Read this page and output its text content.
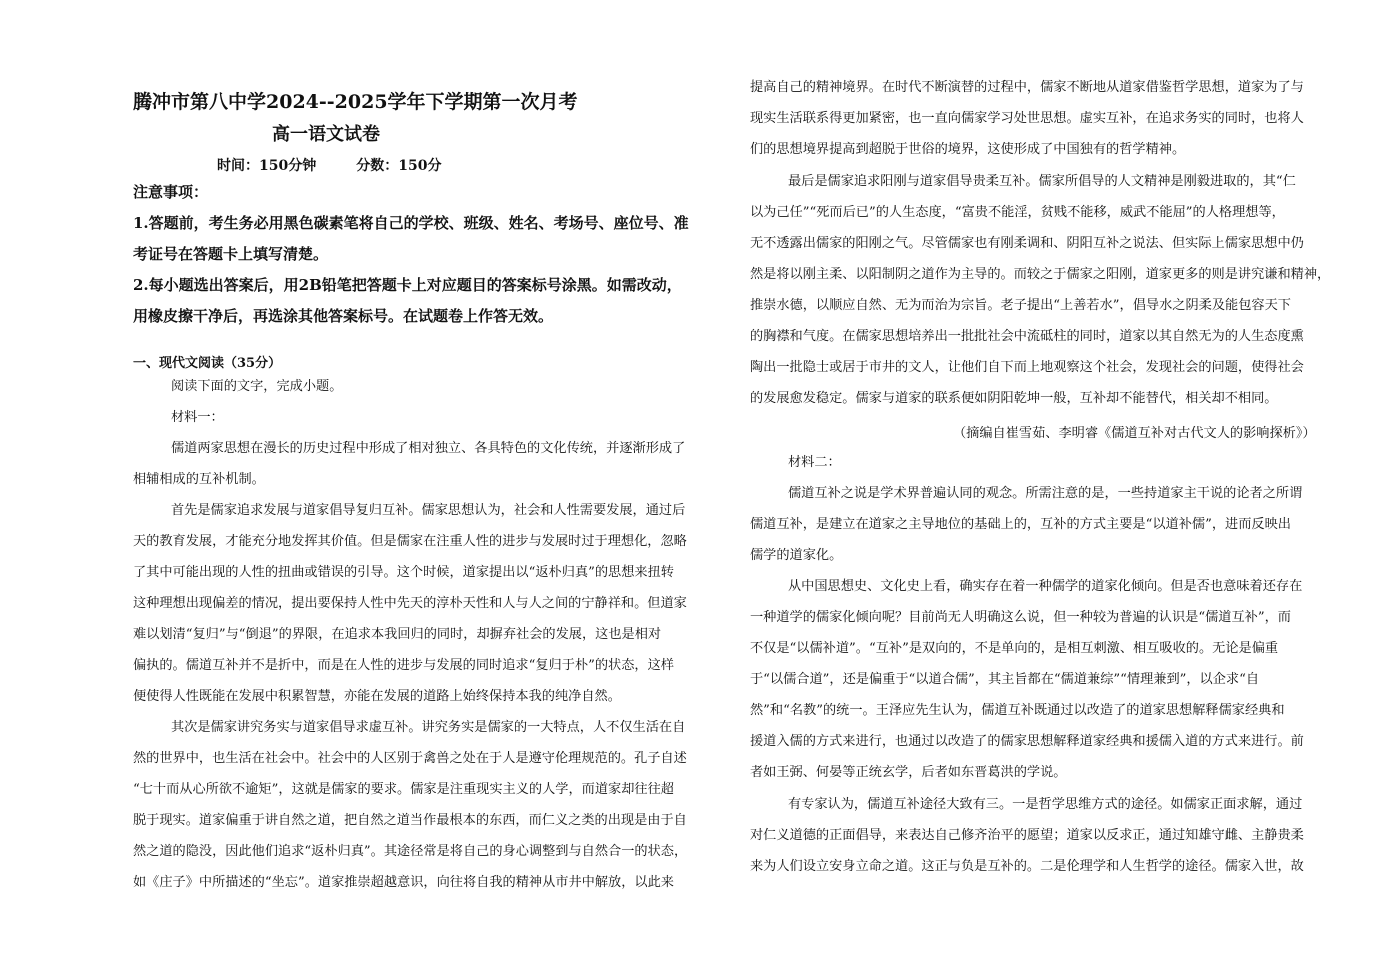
腾冲市第八中学2024--2025学年下学期第一次月考
高一语文试卷
时间：150分钟	分数：150分
注意事项：
1.答题前，考生务必用黑色碳素笔将自己的学校、班级、姓名、考场号、座位号、准
考证号在答题卡上填写清楚。
2.每小题选出答案后，用2B铅笔把答题卡上对应题目的答案标号涂黑。如需改动，
用橡皮擦干净后，再选涂其他答案标号。在试题卷上作答无效。
一、现代文阅读（35分）
阅读下面的文字，完成小题。
材料一：
儒道两家思想在漫长的历史过程中形成了相对独立、各具特色的文化传统，并逐渐形成了
相辅相成的互补机制。
首先是儒家追求发展与道家倡导复归互补。儒家思想认为，社会和人性需要发展，通过后
天的教育发展，才能充分地发挥其价值。但是儒家在注重人性的进步与发展时过于理想化，忽略
了其中可能出现的人性的扭曲或错误的引导。这个时候，道家提出以“返朴归真”的思想来扭转
这种理想出现偏差的情况，提出要保持人性中先天的淳朴天性和人与人之间的宁静祥和。但道家
难以划清“复归”与“倒退”的界限，在追求本我回归的同时，却摒弃社会的发展，这也是相对
偏执的。儒道互补并不是折中，而是在人性的进步与发展的同时追求“复归于朴”的状态，这样
便使得人性既能在发展中积累智慧，亦能在发展的道路上始终保持本我的纯净自然。
其次是儒家讲究务实与道家倡导求虚互补。讲究务实是儒家的一大特点，人不仅生活在自
然的世界中，也生活在社会中。社会中的人区别于禽兽之处在于人是遵守伦理规范的。孔子自述
“七十而从心所欲不逾矩”，这就是儒家的要求。儒家是注重现实主义的人学，而道家却往往超
脱于现实。道家偏重于讲自然之道，把自然之道当作最根本的东西，而仁义之类的出现是由于自
然之道的隐没，因此他们追求“返朴归真”。其途径常是将自己的身心调整到与自然合一的状态，
如《庄子》中所描述的“坐忘”。道家推崇超越意识，向往将自我的精神从市井中解放，以此来
提高自己的精神境界。在时代不断演替的过程中，儒家不断地从道家借鉴哲学思想，道家为了与
现实生活联系得更加紧密，也一直向儒家学习处世思想。虚实互补，在追求务实的同时，也将人
们的思想境界提高到超脱于世俗的境界，这使形成了中国独有的哲学精神。
最后是儒家追求阳刚与道家倡导贵柔互补。儒家所倡导的人文精神是刚毅进取的，其“仁
以为己任”“死而后已”的人生态度，“富贵不能淫，贫贱不能移，威武不能屈”的人格理想等，
无不透露出儒家的阳刚之气。尽管儒家也有刚柔调和、阴阳互补之说法、但实际上儒家思想中仍
然是将以刚主柔、以阳制阴之道作为主导的。而较之于儒家之阳刚，道家更多的则是讲究谦和精神，
推崇水德，以顺应自然、无为而治为宗旨。老子提出“上善若水”，倡导水之阴柔及能包容天下
的胸襟和气度。在儒家思想培养出一批批社会中流砥柱的同时，道家以其自然无为的人生态度熏
陶出一批隐士或居于市井的文人，让他们自下而上地观察这个社会，发现社会的问题，使得社会
的发展愈发稳定。儒家与道家的联系便如阴阳乾坤一般，互补却不能替代，相关却不相同。
（摘编自崔雪茹、李明睿《儒道互补对古代文人的影响探析》）
材料二：
儒道互补之说是学术界普遍认同的观念。所需注意的是，一些持道家主干说的论者之所谓
儒道互补，是建立在道家之主导地位的基础上的，互补的方式主要是“以道补儒”，进而反映出
儒学的道家化。
从中国思想史、文化史上看，确实存在着一种儒学的道家化倾向。但是否也意味着还存在
一种道学的儒家化倾向呢？目前尚无人明确这么说，但一种较为普遍的认识是“儒道互补”，而
不仅是“以儒补道”。“互补”是双向的，不是单向的，是相互刺激、相互吸收的。无论是偏重
于“以儒合道”，还是偏重于“以道合儒”，其主旨都在“儒道兼综”“情理兼到”，以企求“自
然”和“名教”的统一。王泽应先生认为，儒道互补既通过以改造了的道家思想解释儒家经典和
援道入儒的方式来进行，也通过以改造了的儒家思想解释道家经典和援儒入道的方式来进行。前
者如王弼、何晏等正统玄学，后者如东晋葛洪的学说。
有专家认为，儒道互补途径大致有三。一是哲学思维方式的途径。如儒家正面求解，通过
对仁义道德的正面倡导，来表达自己修齐治平的愿望；道家以反求正，通过知雄守雌、主静贵柔
来为人们设立安身立命之道。这正与负是互补的。二是伦理学和人生哲学的途径。儒家入世，故
